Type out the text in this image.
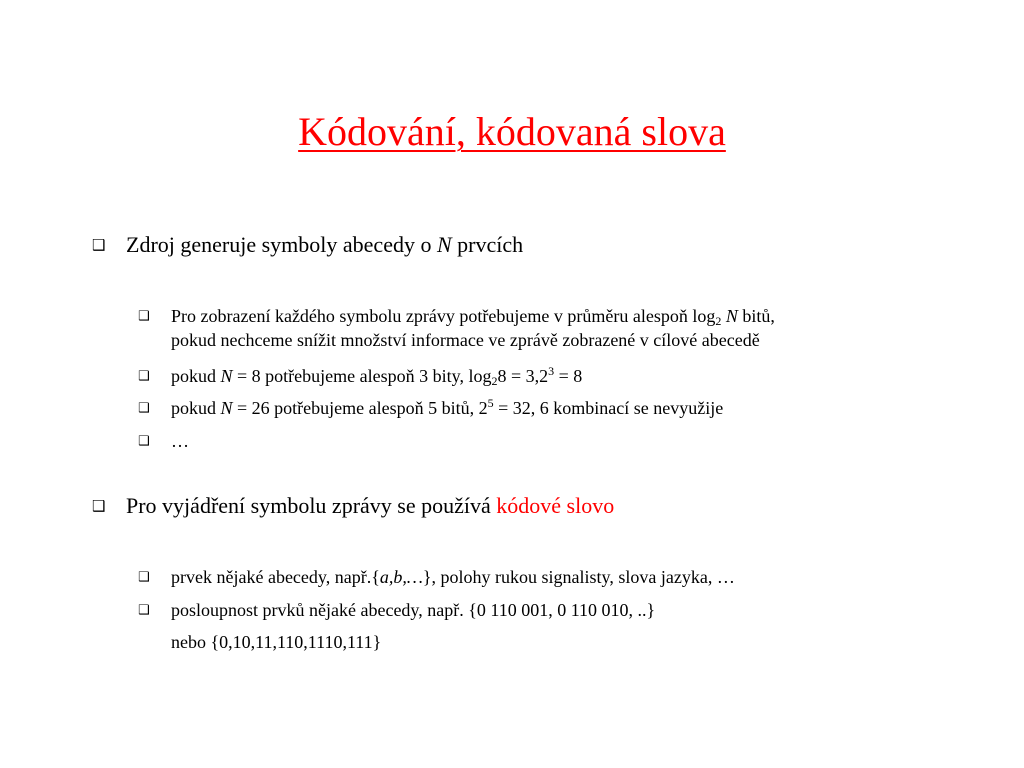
Kódování, kódovaná slova
❑ Zdroj generuje symboly abecedy o N prvcích
❑ Pro zobrazení každého symbolu zprávy potřebujeme v průměru alespoň $\log_2 N$ bitů,
pokud nechceme snížit množství informace ve zprávě zobrazené v cílové abecedě
❑ pokud N = 8 potřebujeme alespoň 3 bity, $\log_28 = 3,2^3 = 8$
❑ pokud N = 26 potřebujeme alespoň 5 bitů, $2^5 = 32$, 6 kombinací se nevyužije
❑ …
❑ Pro vyjádření symbolu zprávy se používá kódové slovo
❑ prvek nějaké abecedy, např.{a,b,…}, polohy rukou signalisty, slova jazyka, …
❑ posloupnost prvků nějaké abecedy, např. {0 110 001, 0 110 010, ..}
nebo {0,10,11,110,1110,111}
